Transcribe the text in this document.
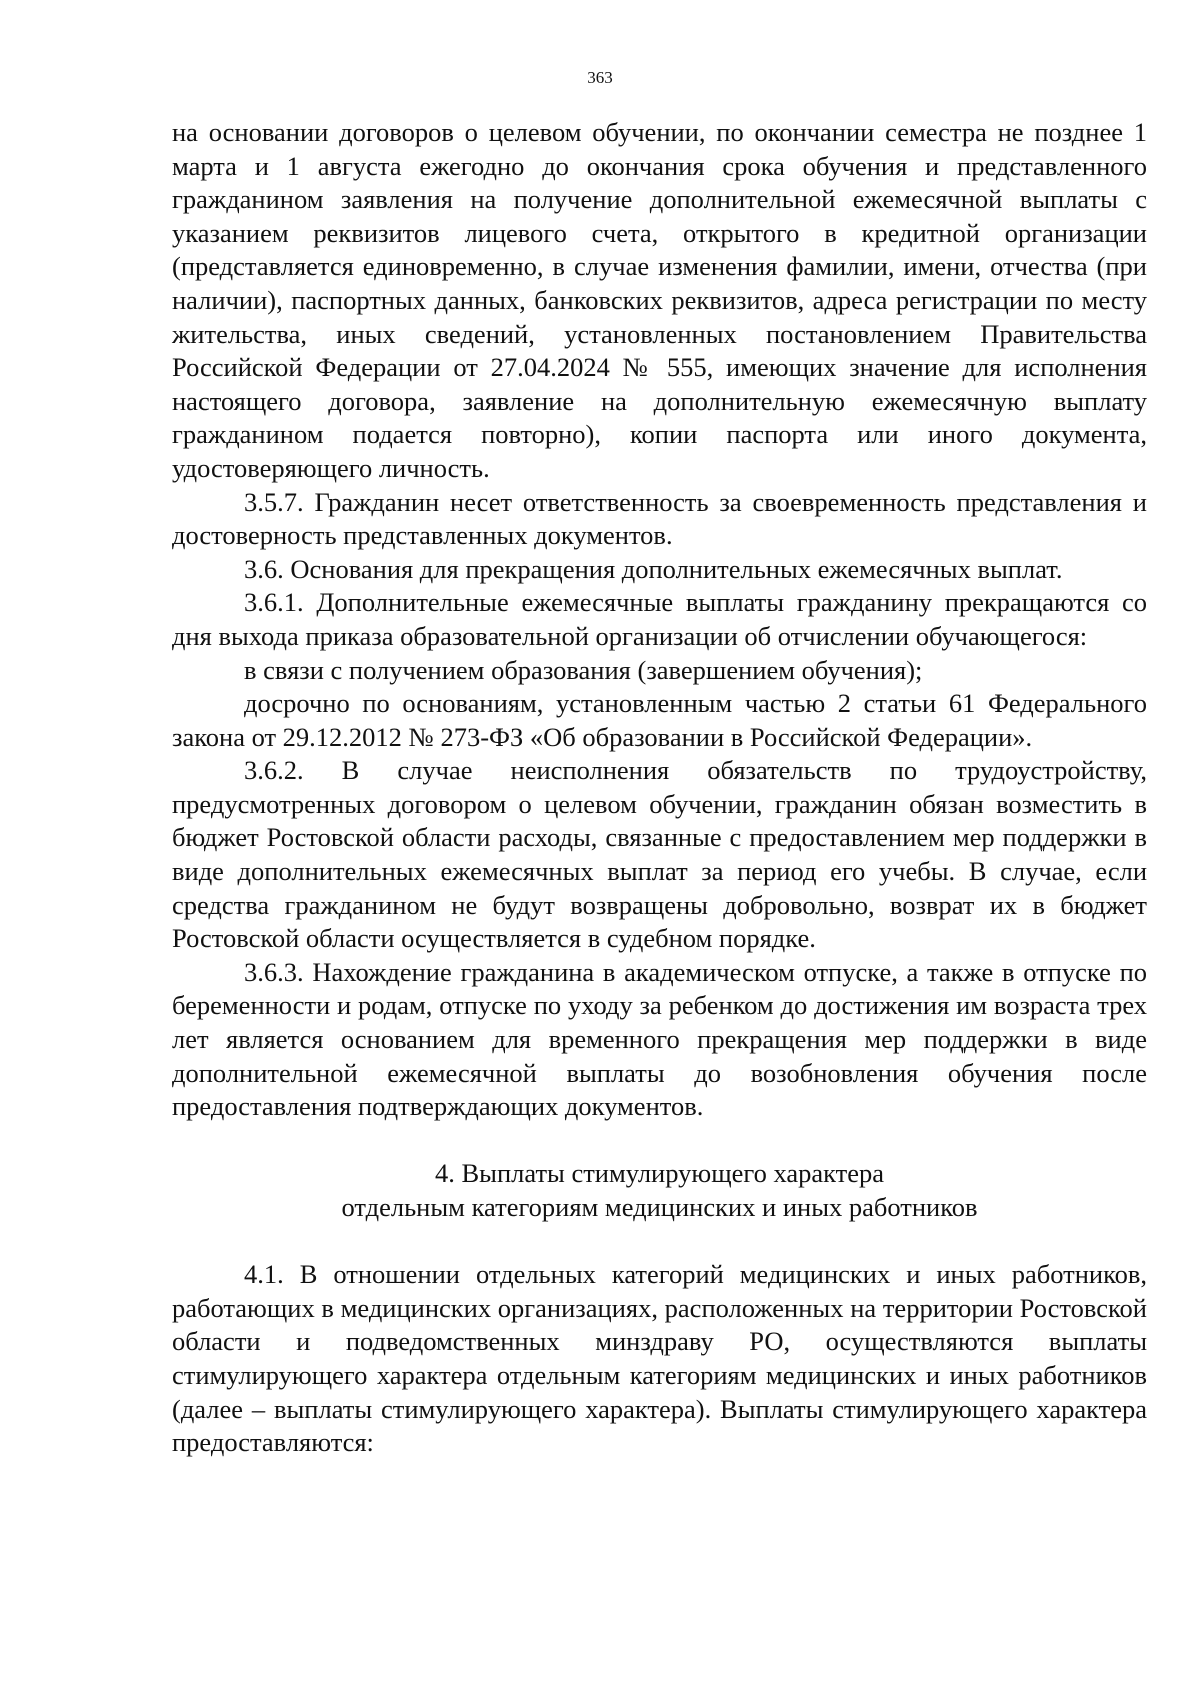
363

на основании договоров о целевом обучении, по окончании семестра не позднее 1 марта и 1 августа ежегодно до окончания срока обучения и представленного гражданином заявления на получение дополнительной ежемесячной выплаты с указанием реквизитов лицевого счета, открытого в кредитной организации (представляется единовременно, в случае изменения фамилии, имени, отчества (при наличии), паспортных данных, банковских реквизитов, адреса регистрации по месту жительства, иных сведений, установленных постановлением Правительства Российской Федерации от 27.04.2024 № 555, имеющих значение для исполнения настоящего договора, заявление на дополнительную ежемесячную выплату гражданином подается повторно), копии паспорта или иного документа, удостоверяющего личность.

3.5.7. Гражданин несет ответственность за своевременность представления и достоверность представленных документов.

3.6. Основания для прекращения дополнительных ежемесячных выплат.

3.6.1. Дополнительные ежемесячные выплаты гражданину прекращаются со дня выхода приказа образовательной организации об отчислении обучающегося:

в связи с получением образования (завершением обучения);

досрочно по основаниям, установленным частью 2 статьи 61 Федерального закона от 29.12.2012 № 273-ФЗ «Об образовании в Российской Федерации».

3.6.2. В случае неисполнения обязательств по трудоустройству, предусмотренных договором о целевом обучении, гражданин обязан возместить в бюджет Ростовской области расходы, связанные с предоставлением мер поддержки в виде дополнительных ежемесячных выплат за период его учебы. В случае, если средства гражданином не будут возвращены добровольно, возврат их в бюджет Ростовской области осуществляется в судебном порядке.

3.6.3. Нахождение гражданина в академическом отпуске, а также в отпуске по беременности и родам, отпуске по уходу за ребенком до достижения им возраста трех лет является основанием для временного прекращения мер поддержки в виде дополнительной ежемесячной выплаты до возобновления обучения после предоставления подтверждающих документов.

4. Выплаты стимулирующего характера
отдельным категориям медицинских и иных работников

4.1. В отношении отдельных категорий медицинских и иных работников, работающих в медицинских организациях, расположенных на территории Ростовской области и подведомственных минздраву РО, осуществляются выплаты стимулирующего характера отдельным категориям медицинских и иных работников (далее – выплаты стимулирующего характера). Выплаты стимулирующего характера предоставляются:
